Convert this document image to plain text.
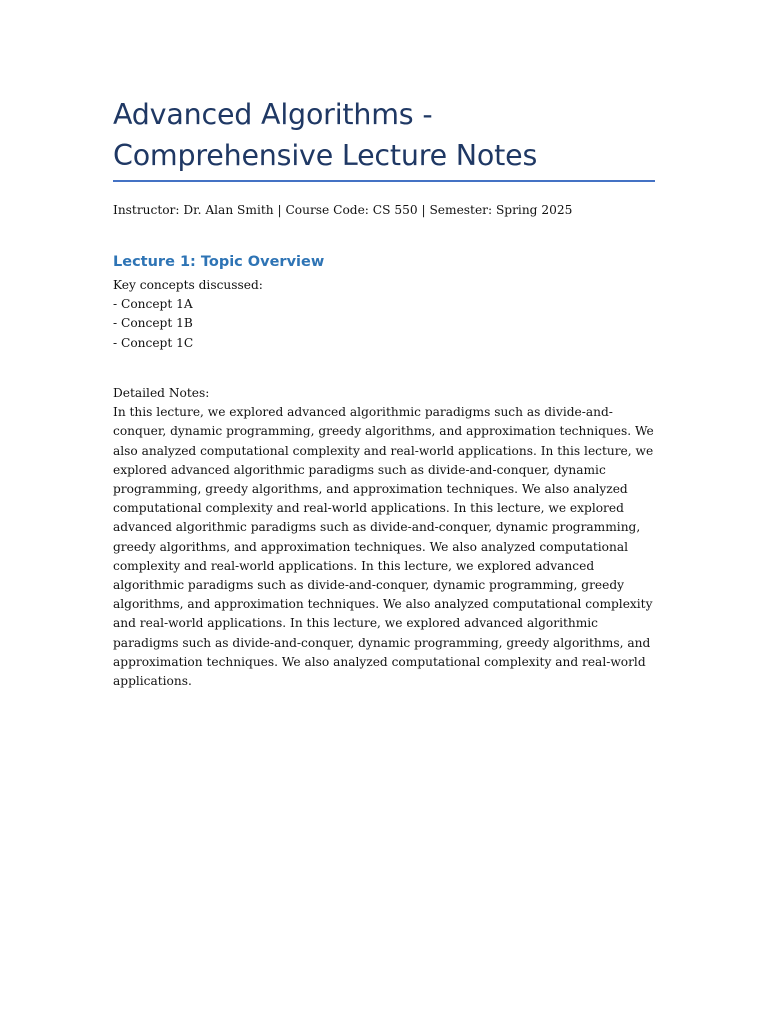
Advanced Algorithms - Comprehensive Lecture Notes
Instructor: Dr. Alan Smith | Course Code: CS 550 | Semester: Spring 2025
Lecture 1: Topic Overview

Key concepts discussed:

- Concept 1A
- Concept 1B
- Concept 1C

Detailed Notes:

In this lecture, we explored advanced algorithmic paradigms such as divide-and-conquer, dynamic programming, greedy algorithms, and approximation techniques. We also analyzed computational complexity and real-world applications. In this lecture, we explored advanced algorithmic paradigms such as divide-and-conquer, dynamic programming, greedy algorithms, and approximation techniques. We also analyzed computational complexity and real-world applications. In this lecture, we explored advanced algorithmic paradigms such as divide-and-conquer, dynamic programming, greedy algorithms, and approximation techniques. We also analyzed computational complexity and real-world applications. In this lecture, we explored advanced algorithmic paradigms such as divide-and-conquer, dynamic programming, greedy algorithms, and approximation techniques. We also analyzed computational complexity and real-world applications. In this lecture, we explored advanced algorithmic paradigms such as divide-and-conquer, dynamic programming, greedy algorithms, and approximation techniques. We also analyzed computational complexity and real-world applications.
